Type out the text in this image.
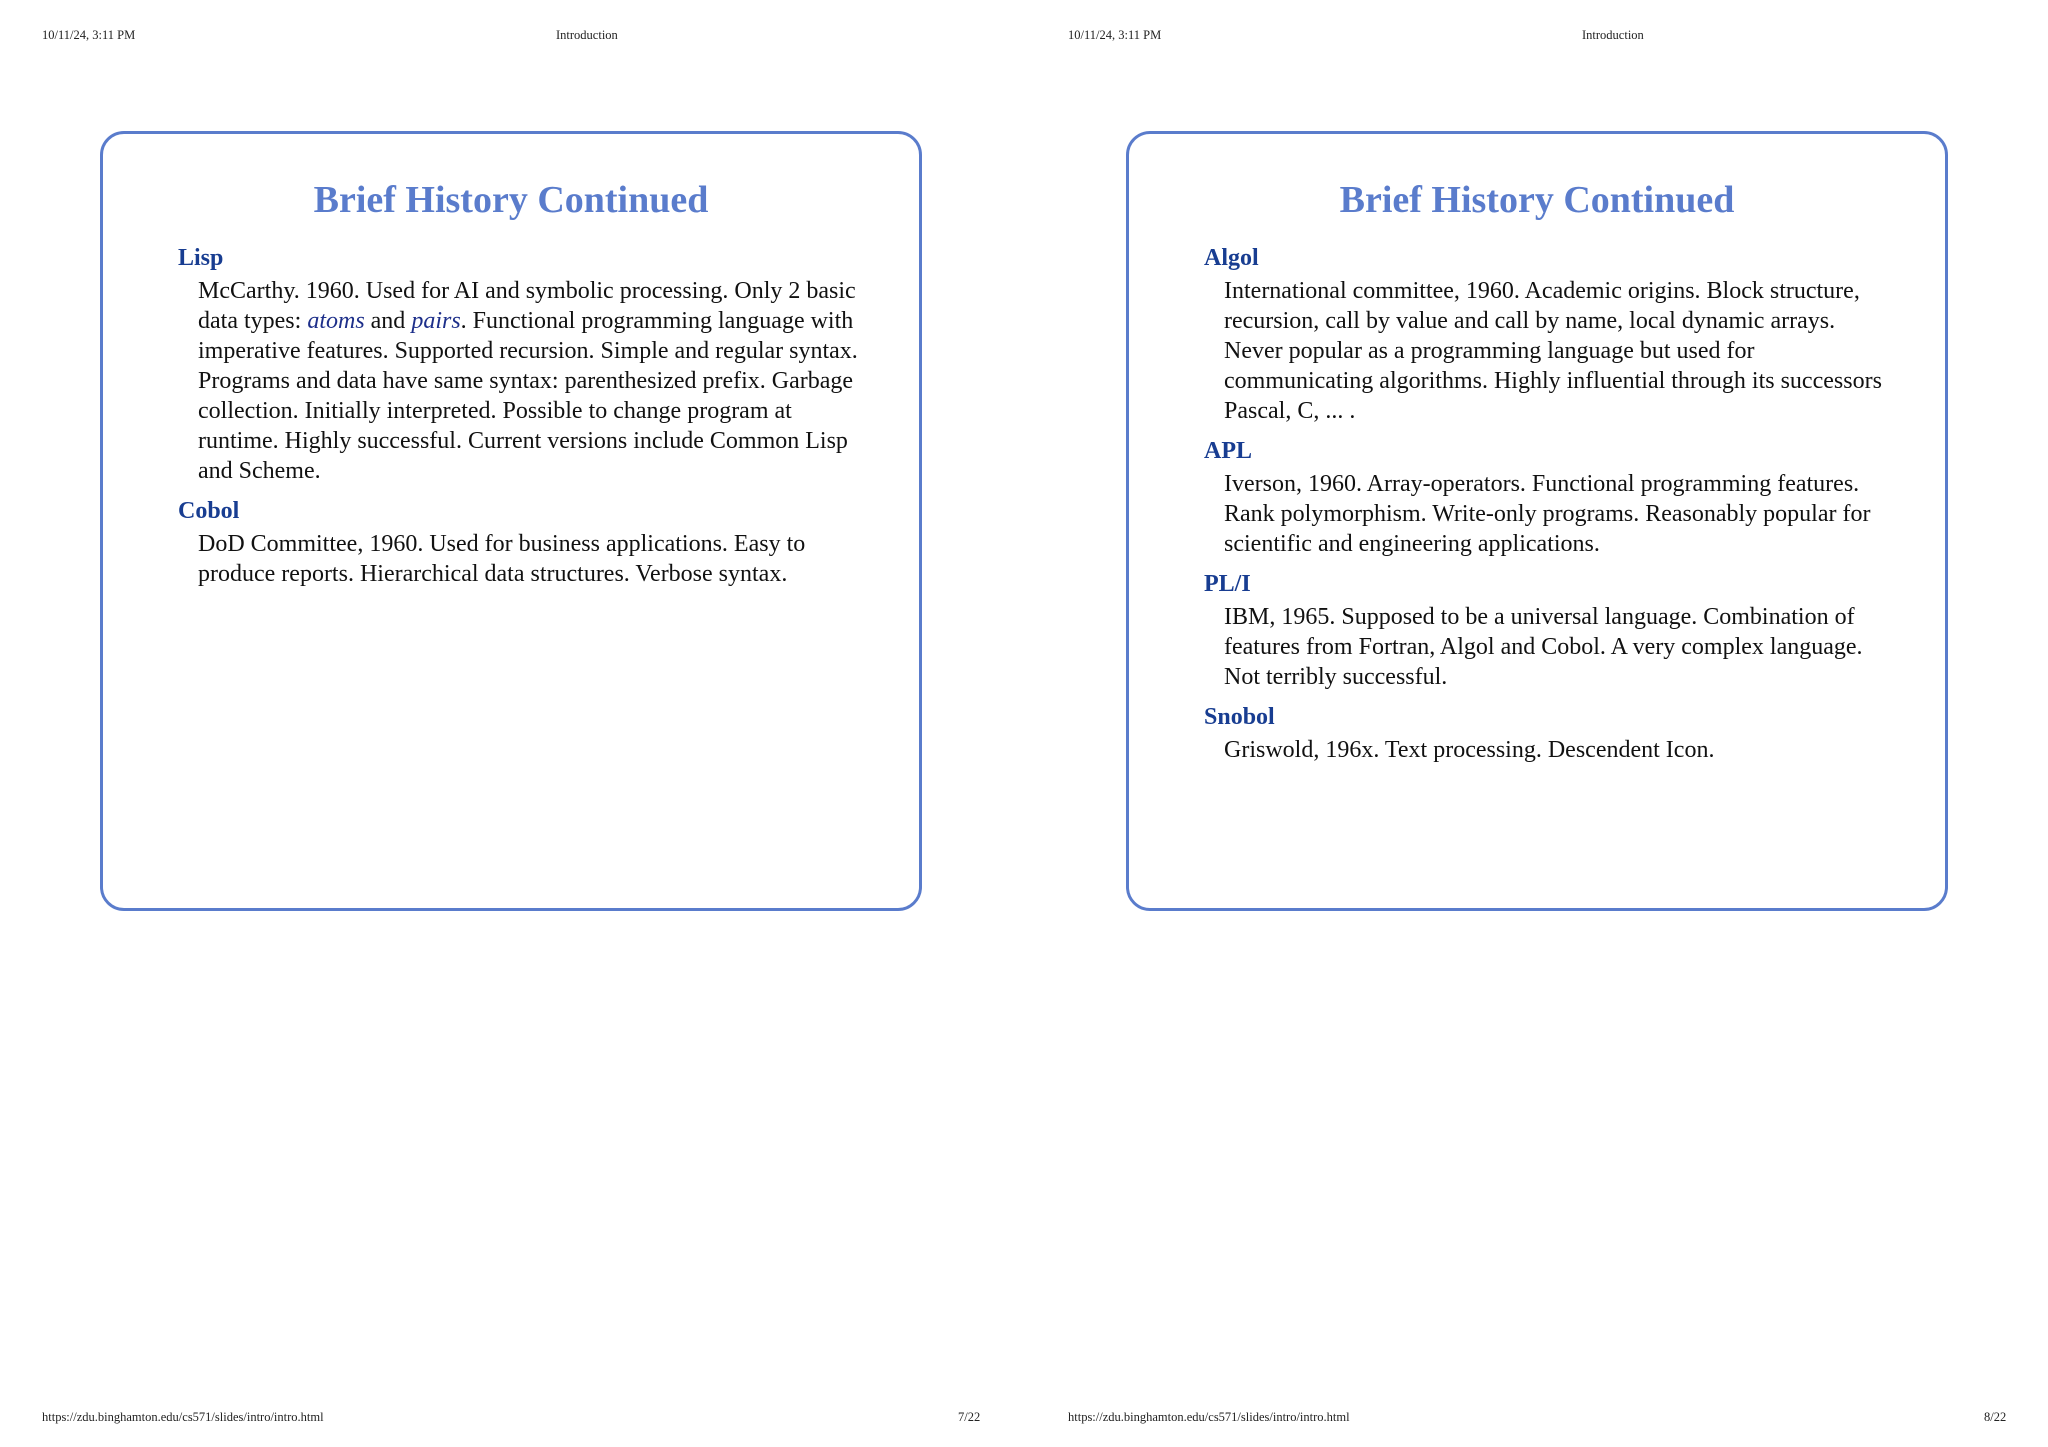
10/11/24, 3:11 PM	Introduction
https://zdu.binghamton.edu/cs571/slides/intro/intro.html	7/22
10/11/24, 3:11 PM	Introduction
https://zdu.binghamton.edu/cs571/slides/intro/intro.html	8/22
Brief History Continued
Lisp
McCarthy. 1960. Used for AI and symbolic processing. Only 2 basic data types: atoms and pairs. Functional programming language with imperative features. Supported recursion. Simple and regular syntax. Programs and data have same syntax: parenthesized prefix. Garbage collection. Initially interpreted. Possible to change program at runtime. Highly successful. Current versions include Common Lisp and Scheme.
Cobol
DoD Committee, 1960. Used for business applications. Easy to produce reports. Hierarchical data structures. Verbose syntax.
Brief History Continued
Algol
International committee, 1960. Academic origins. Block structure, recursion, call by value and call by name, local dynamic arrays. Never popular as a programming language but used for communicating algorithms. Highly influential through its successors Pascal, C, ... .
APL
Iverson, 1960. Array-operators. Functional programming features. Rank polymorphism. Write-only programs. Reasonably popular for scientific and engineering applications.
PL/I
IBM, 1965. Supposed to be a universal language. Combination of features from Fortran, Algol and Cobol. A very complex language. Not terribly successful.
Snobol
Griswold, 196x. Text processing. Descendent Icon.
